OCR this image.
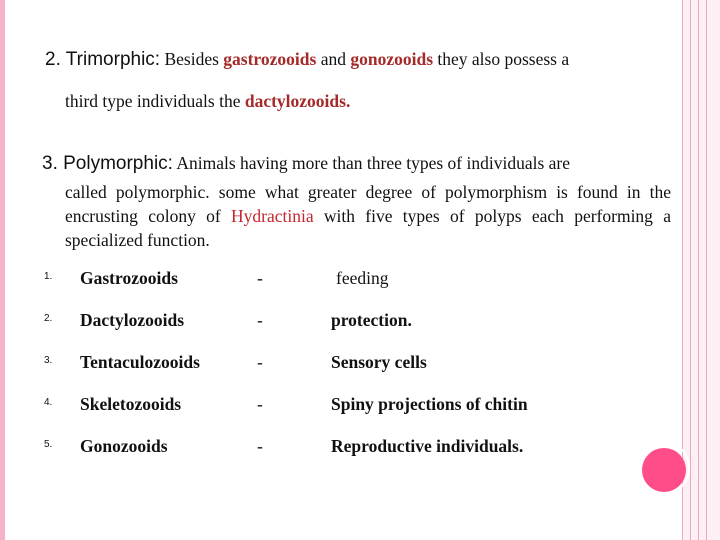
2. Trimorphic: Besides gastrozooids and gonozooids they also possess a
third type individuals the dactylozooids.
3. Polymorphic: Animals having more than three types of individuals are
called polymorphic. some what greater degree of polymorphism is found in the encrusting colony of Hydractinia with five types of polyps each performing a specialized function.
1. Gastrozooids	-	feeding
2. Dactylozooids	-	protection.
3. Tentaculozooids	-	Sensory cells
4. Skeletozooids	-	Spiny projections of chitin
5. Gonozooids	-	Reproductive individuals.
